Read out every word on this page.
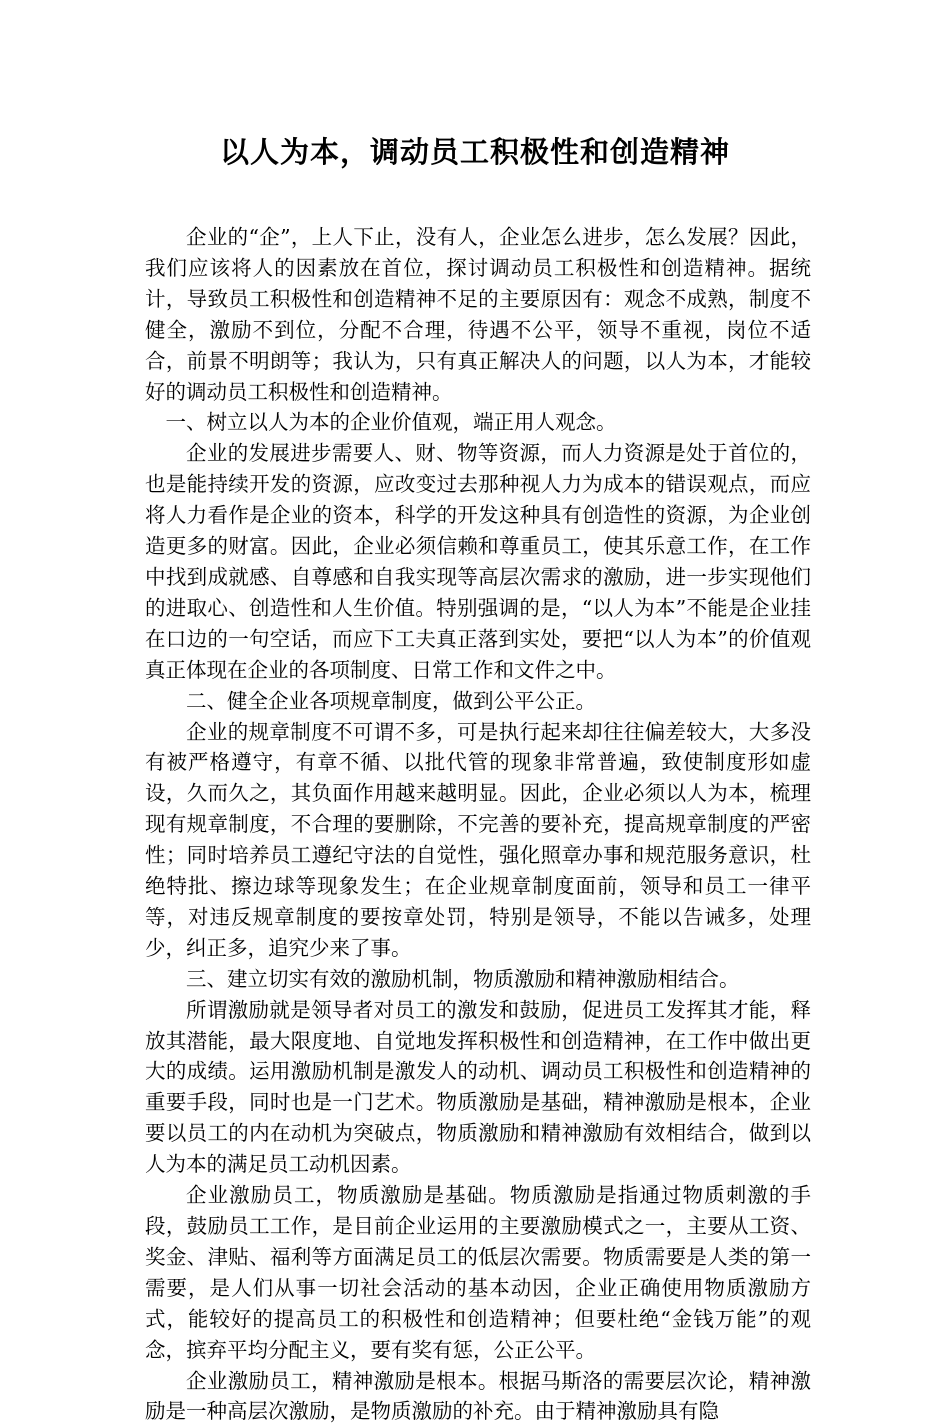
以人为本，调动员工积极性和创造精神

企业的“企”，上人下止，没有人，企业怎么进步，怎么发展？因此，我们应该将人的因素放在首位，探讨调动员工积极性和创造精神。据统计，导致员工积极性和创造精神不足的主要原因有：观念不成熟，制度不健全，激励不到位，分配不合理，待遇不公平，领导不重视，岗位不适合，前景不明朗等；我认为，只有真正解决人的问题，以人为本，才能较好的调动员工积极性和创造精神。

一、树立以人为本的企业价值观，端正用人观念。

企业的发展进步需要人、财、物等资源，而人力资源是处于首位的，也是能持续开发的资源，应改变过去那种视人力为成本的错误观点，而应将人力看作是企业的资本，科学的开发这种具有创造性的资源，为企业创造更多的财富。因此，企业必须信赖和尊重员工，使其乐意工作，在工作中找到成就感、自尊感和自我实现等高层次需求的激励，进一步实现他们的进取心、创造性和人生价值。特别强调的是，“以人为本”不能是企业挂在口边的一句空话，而应下工夫真正落到实处，要把“以人为本”的价值观真正体现在企业的各项制度、日常工作和文件之中。

二、健全企业各项规章制度，做到公平公正。

企业的规章制度不可谓不多，可是执行起来却往往偏差较大，大多没有被严格遵守，有章不循、以批代管的现象非常普遍，致使制度形如虚设，久而久之，其负面作用越来越明显。因此，企业必须以人为本，梳理现有规章制度，不合理的要删除，不完善的要补充，提高规章制度的严密性；同时培养员工遵纪守法的自觉性，强化照章办事和规范服务意识，杜绝特批、擦边球等现象发生；在企业规章制度面前，领导和员工一律平等，对违反规章制度的要按章处罚，特别是领导，不能以告诫多，处理少，纠正多，追究少来了事。

三、建立切实有效的激励机制，物质激励和精神激励相结合。

所谓激励就是领导者对员工的激发和鼓励，促进员工发挥其才能，释放其潜能，最大限度地、自觉地发挥积极性和创造精神，在工作中做出更大的成绩。运用激励机制是激发人的动机、调动员工积极性和创造精神的重要手段，同时也是一门艺术。物质激励是基础，精神激励是根本，企业要以员工的内在动机为突破点，物质激励和精神激励有效相结合，做到以人为本的满足员工动机因素。

企业激励员工，物质激励是基础。物质激励是指通过物质刺激的手段，鼓励员工工作，是目前企业运用的主要激励模式之一，主要从工资、奖金、津贴、福利等方面满足员工的低层次需要。物质需要是人类的第一需要，是人们从事一切社会活动的基本动因，企业正确使用物质激励方式，能较好的提高员工的积极性和创造精神；但要杜绝“金钱万能”的观念，摈弃平均分配主义，要有奖有惩，公正公平。

企业激励员工，精神激励是根本。根据马斯洛的需要层次论，精神激励是一种高层次激励，是物质激励的补充。由于精神激励具有隐
